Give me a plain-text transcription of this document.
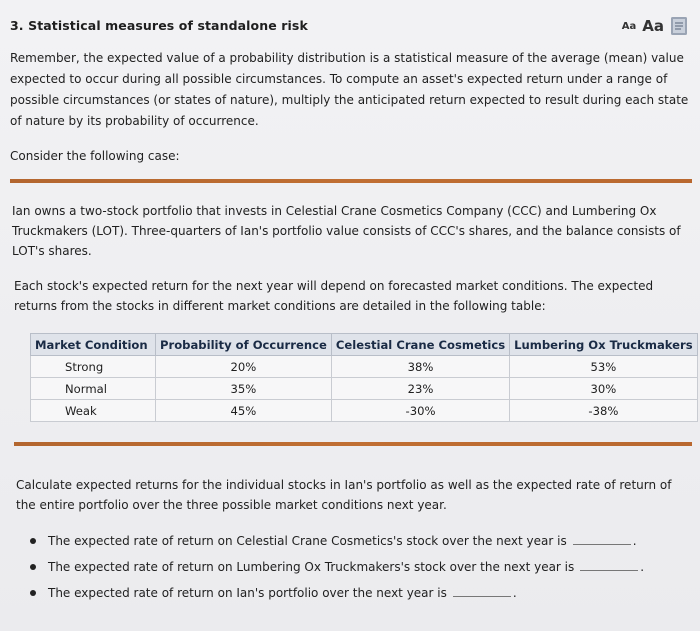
3. Statistical measures of standalone risk	Aa Aa
Remember, the expected value of a probability distribution is a statistical measure of the average (mean) value expected to occur during all possible circumstances. To compute an asset's expected return under a range of possible circumstances (or states of nature), multiply the anticipated return expected to result during each state of nature by its probability of occurrence.
Consider the following case:
Ian owns a two-stock portfolio that invests in Celestial Crane Cosmetics Company (CCC) and Lumbering Ox Truckmakers (LOT). Three-quarters of Ian's portfolio value consists of CCC's shares, and the balance consists of LOT's shares.
Each stock's expected return for the next year will depend on forecasted market conditions. The expected returns from the stocks in different market conditions are detailed in the following table:
Market Condition	Probability of Occurrence	Celestial Crane Cosmetics	Lumbering Ox Truckmakers
Strong	20%	38%	53%
Normal	35%	23%	30%
Weak	45%	-30%	-38%
Calculate expected returns for the individual stocks in Ian's portfolio as well as the expected rate of return of the entire portfolio over the three possible market conditions next year.
The expected rate of return on Celestial Crane Cosmetics's stock over the next year is	.
The expected rate of return on Lumbering Ox Truckmakers's stock over the next year is	.
The expected rate of return on Ian's portfolio over the next year is	.
